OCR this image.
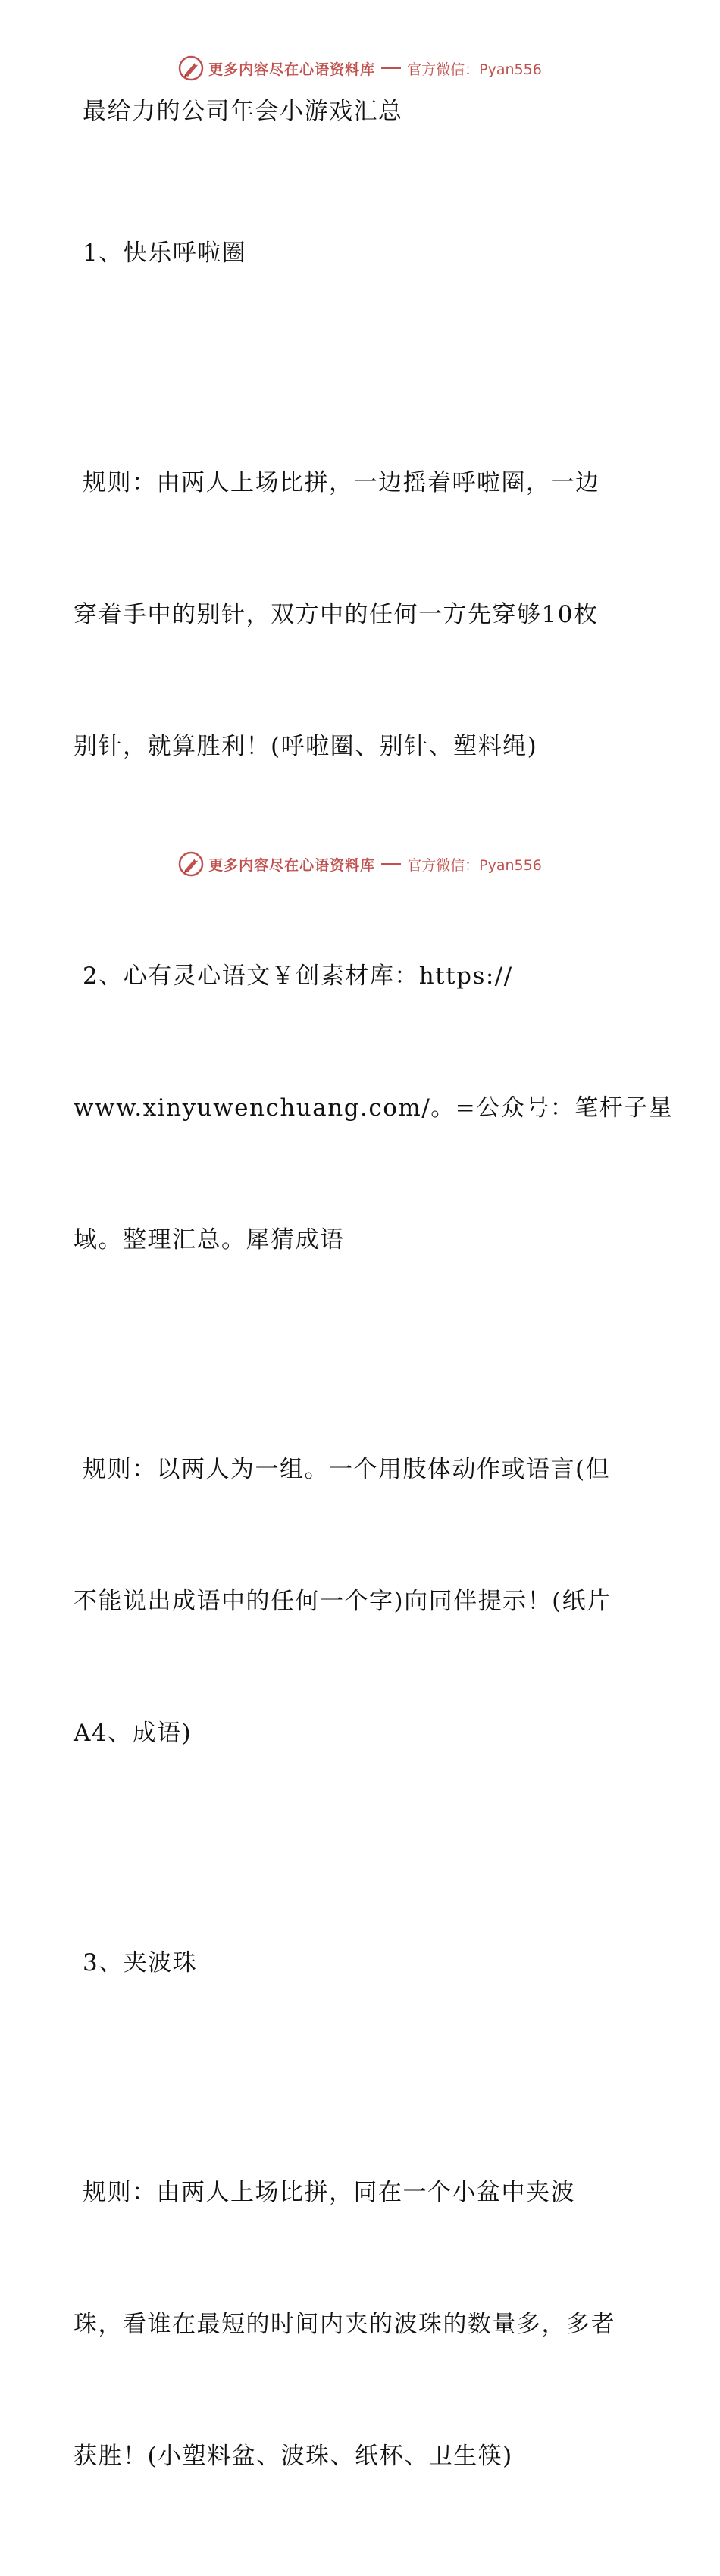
更多内容尽在心语资料库 官方微信：Pyan556
最给力的公司年会小游戏汇总

1、快乐呼啦圈

规则：由两人上场比拼，一边摇着呼啦圈，一边

穿着手中的别针，双方中的任何一方先穿够10枚

别针，就算胜利！(呼啦圈、别针、塑料绳)

2、心有灵心语文￥创素材库：https://

www.xinyuwenchuang.com/。=公众号：笔杆子星

域。整理汇总。犀猜成语

规则：以两人为一组。一个用肢体动作或语言(但

不能说出成语中的任何一个字)向同伴提示！(纸片

A4、成语)

3、夹波珠

规则：由两人上场比拼，同在一个小盆中夹波

珠，看谁在最短的时间内夹的波珠的数量多，多者

获胜！(小塑料盆、波珠、纸杯、卫生筷)

更多内容尽在心语资料库 官方微信：Pyan556
